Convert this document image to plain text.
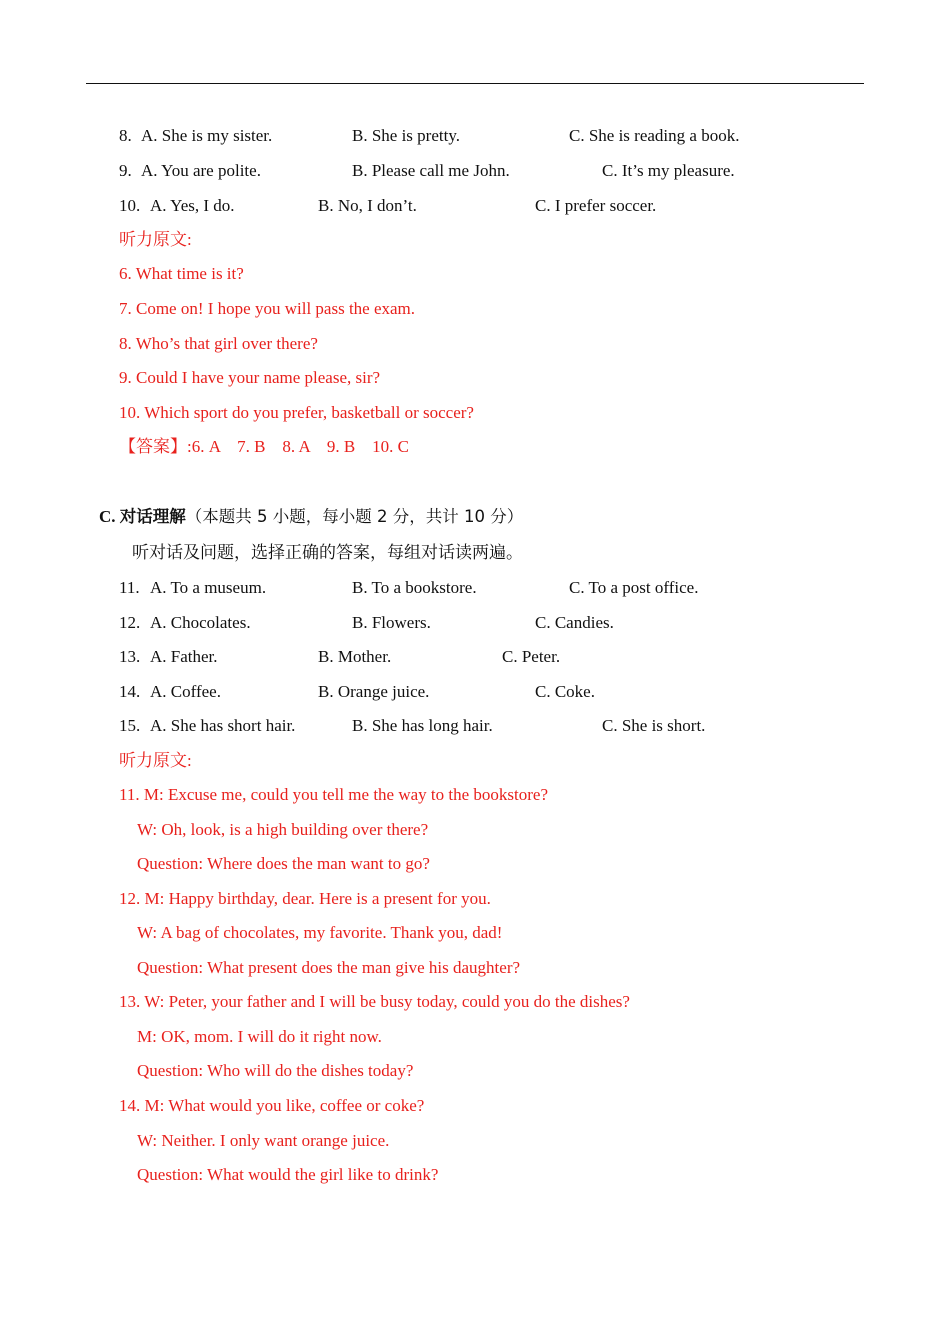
8. A. She is my sister.	B. She is pretty.	C. She is reading a book.
9. A. You are polite.	B. Please call me John.	C. It’s my pleasure.
10. A. Yes, I do.	B. No, I don’t.	C. I prefer soccer.
听力原文:
6. What time is it?
7. Come on! I hope you will pass the exam.
8. Who’s that girl over there?
9. Could I have your name please, sir?
10. Which sport do you prefer, basketball or soccer?
【答案】:6. A    7. B    8. A    9. B    10. C
C. 对话理解（本题共 5 小题，每小题 2 分，共计 10 分）
听对话及问题，选择正确的答案，每组对话读两遍。
11. A. To a museum.	B. To a bookstore.	C. To a post office.
12. A. Chocolates.	B. Flowers.	C. Candies.
13. A. Father.	B. Mother.	C. Peter.
14. A. Coffee.	B. Orange juice.	C. Coke.
15. A. She has short hair.	B. She has long hair.	C. She is short.
听力原文:
11. M: Excuse me, could you tell me the way to the bookstore?
W: Oh, look, is a high building over there?
Question: Where does the man want to go?
12. M: Happy birthday, dear. Here is a present for you.
W: A bag of chocolates, my favorite. Thank you, dad!
Question: What present does the man give his daughter?
13. W: Peter, your father and I will be busy today, could you do the dishes?
M: OK, mom. I will do it right now.
Question: Who will do the dishes today?
14. M: What would you like, coffee or coke?
W: Neither. I only want orange juice.
Question: What would the girl like to drink?
